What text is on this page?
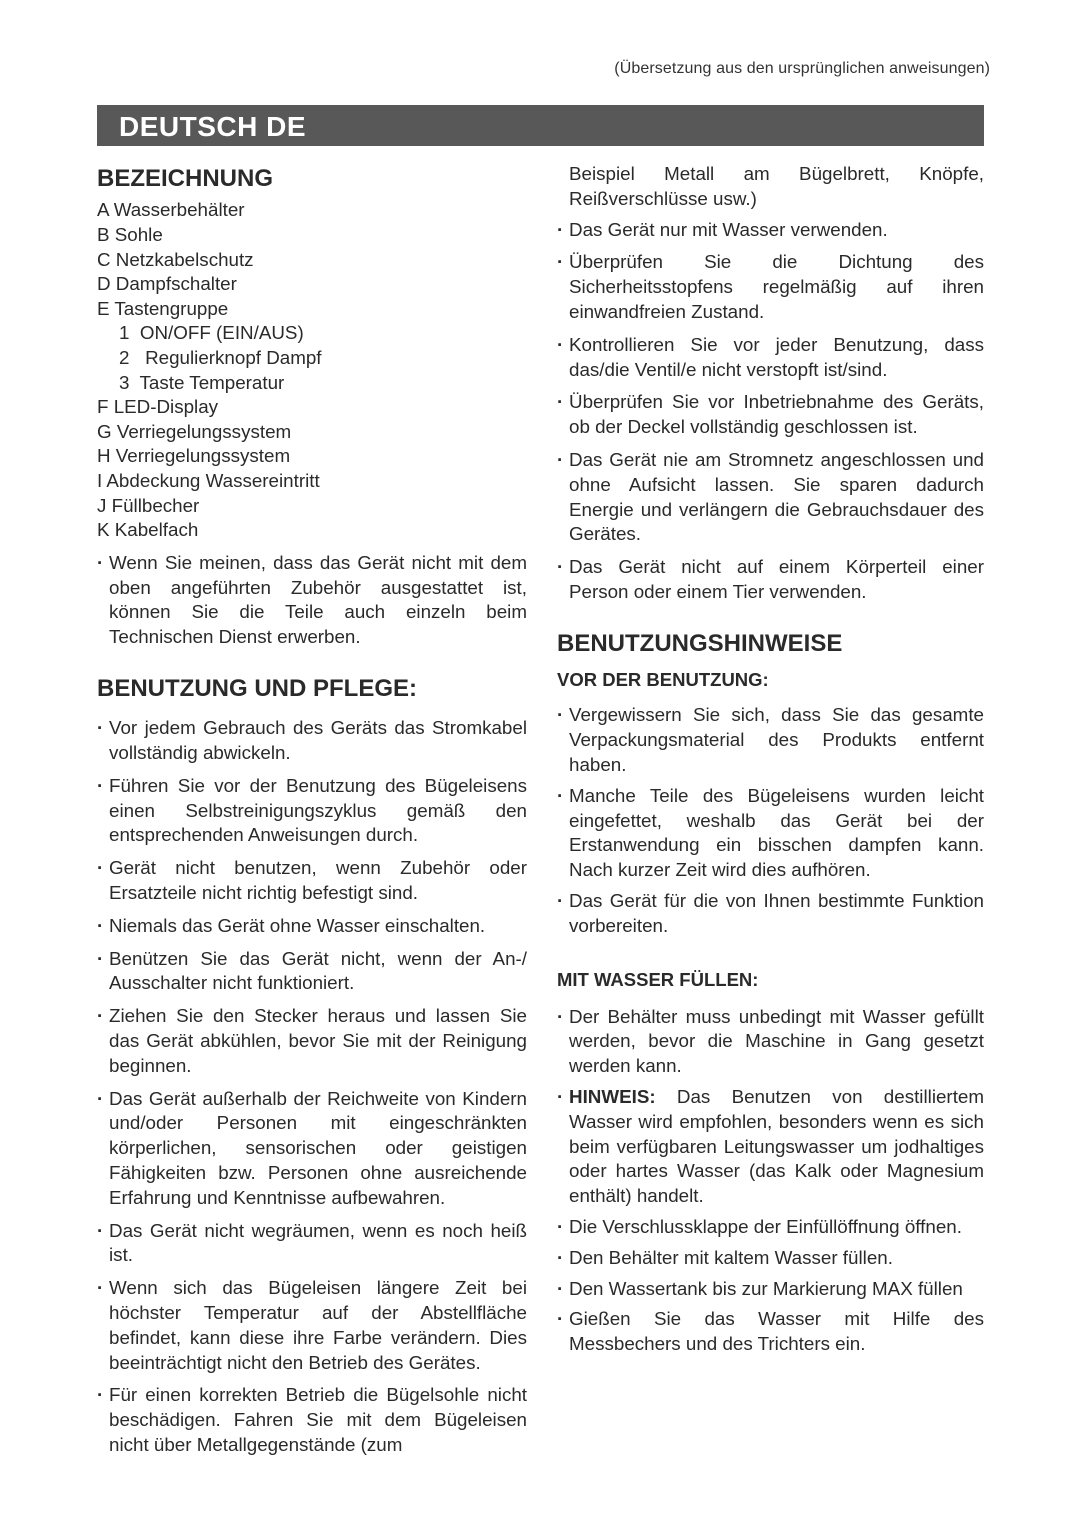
(Übersetzung aus den ursprünglichen anweisungen)
DEUTSCH DE
BEZEICHNUNG

A Wasserbehälter

B Sohle

C Netzkabelschutz

D Dampfschalter

E Tastengruppe

1  ON/OFF (EIN/AUS)

2   Regulierknopf Dampf

3  Taste Temperatur

F LED-Display

G Verriegelungssystem

H Verriegelungssystem

I Abdeckung Wassereintritt

J Füllbecher

K Kabelfach

· Wenn Sie meinen, dass das Gerät nicht mit dem oben angeführten Zubehör ausgestattet ist, können Sie die Teile auch einzeln beim Technischen Dienst erwerben.

BENUTZUNG UND PFLEGE:

· Vor jedem Gebrauch des Geräts das Stromkabel vollständig abwickeln.

· Führen Sie vor der Benutzung des Bügeleisens einen Selbstreinigungszyklus gemäß den entsprechenden Anweisungen durch.

· Gerät nicht benutzen, wenn Zubehör oder Ersatzteile nicht richtig befestigt sind.

· Niemals das Gerät ohne Wasser einschalten.

· Benützen Sie das Gerät nicht, wenn der An-/ Ausschalter nicht funktioniert.

· Ziehen Sie den Stecker heraus und lassen Sie das Gerät abkühlen, bevor Sie mit der Reinigung beginnen.

· Das Gerät außerhalb der Reichweite von Kindern und/oder Personen mit eingeschränkten körperlichen, sensorischen oder geistigen Fähigkeiten bzw. Personen ohne ausreichende Erfahrung und Kenntnisse aufbewahren.

· Das Gerät nicht wegräumen, wenn es noch heiß ist.

· Wenn sich das Bügeleisen längere Zeit bei höchster Temperatur auf der Abstellfläche befindet, kann diese ihre Farbe verändern. Dies beeinträchtigt nicht den Betrieb des Gerätes.

· Für einen korrekten Betrieb die Bügelsohle nicht beschädigen. Fahren Sie mit dem Bügeleisen nicht über Metallgegenstände (zum

Beispiel Metall am Bügelbrett, Knöpfe, Reißverschlüsse usw.)

· Das Gerät nur mit Wasser verwenden.

· Überprüfen Sie die Dichtung des Sicherheitsstopfens regelmäßig auf ihren einwandfreien Zustand.

· Kontrollieren Sie vor jeder Benutzung, dass das/die Ventil/e nicht verstopft ist/sind.

· Überprüfen Sie vor Inbetriebnahme des Geräts, ob der Deckel vollständig geschlossen ist.

· Das Gerät nie am Stromnetz angeschlossen und ohne Aufsicht lassen. Sie sparen dadurch Energie und verlängern die Gebrauchsdauer des Gerätes.

· Das Gerät nicht auf einem Körperteil einer Person oder einem Tier verwenden.

BENUTZUNGSHINWEISE
VOR DER BENUTZUNG:

· Vergewissern Sie sich, dass Sie das gesamte Verpackungsmaterial des Produkts entfernt haben.

· Manche Teile des Bügeleisens wurden leicht eingefettet, weshalb das Gerät bei der Erstanwendung ein bisschen dampfen kann. Nach kurzer Zeit wird dies aufhören.

· Das Gerät für die von Ihnen bestimmte Funktion vorbereiten.

MIT WASSER FÜLLEN:

· Der Behälter muss unbedingt mit Wasser gefüllt werden, bevor die Maschine in Gang gesetzt werden kann.

· HINWEIS: Das Benutzen von destilliertem Wasser wird empfohlen, besonders wenn es sich beim verfügbaren Leitungswasser um jodhaltiges oder hartes Wasser (das Kalk oder Magnesium enthält) handelt.

· Die Verschlussklappe der Einfüllöffnung öffnen.

· Den Behälter mit kaltem Wasser füllen.

· Den Wassertank bis zur Markierung MAX füllen

· Gießen Sie das Wasser mit Hilfe des Messbechers und des Trichters ein.
